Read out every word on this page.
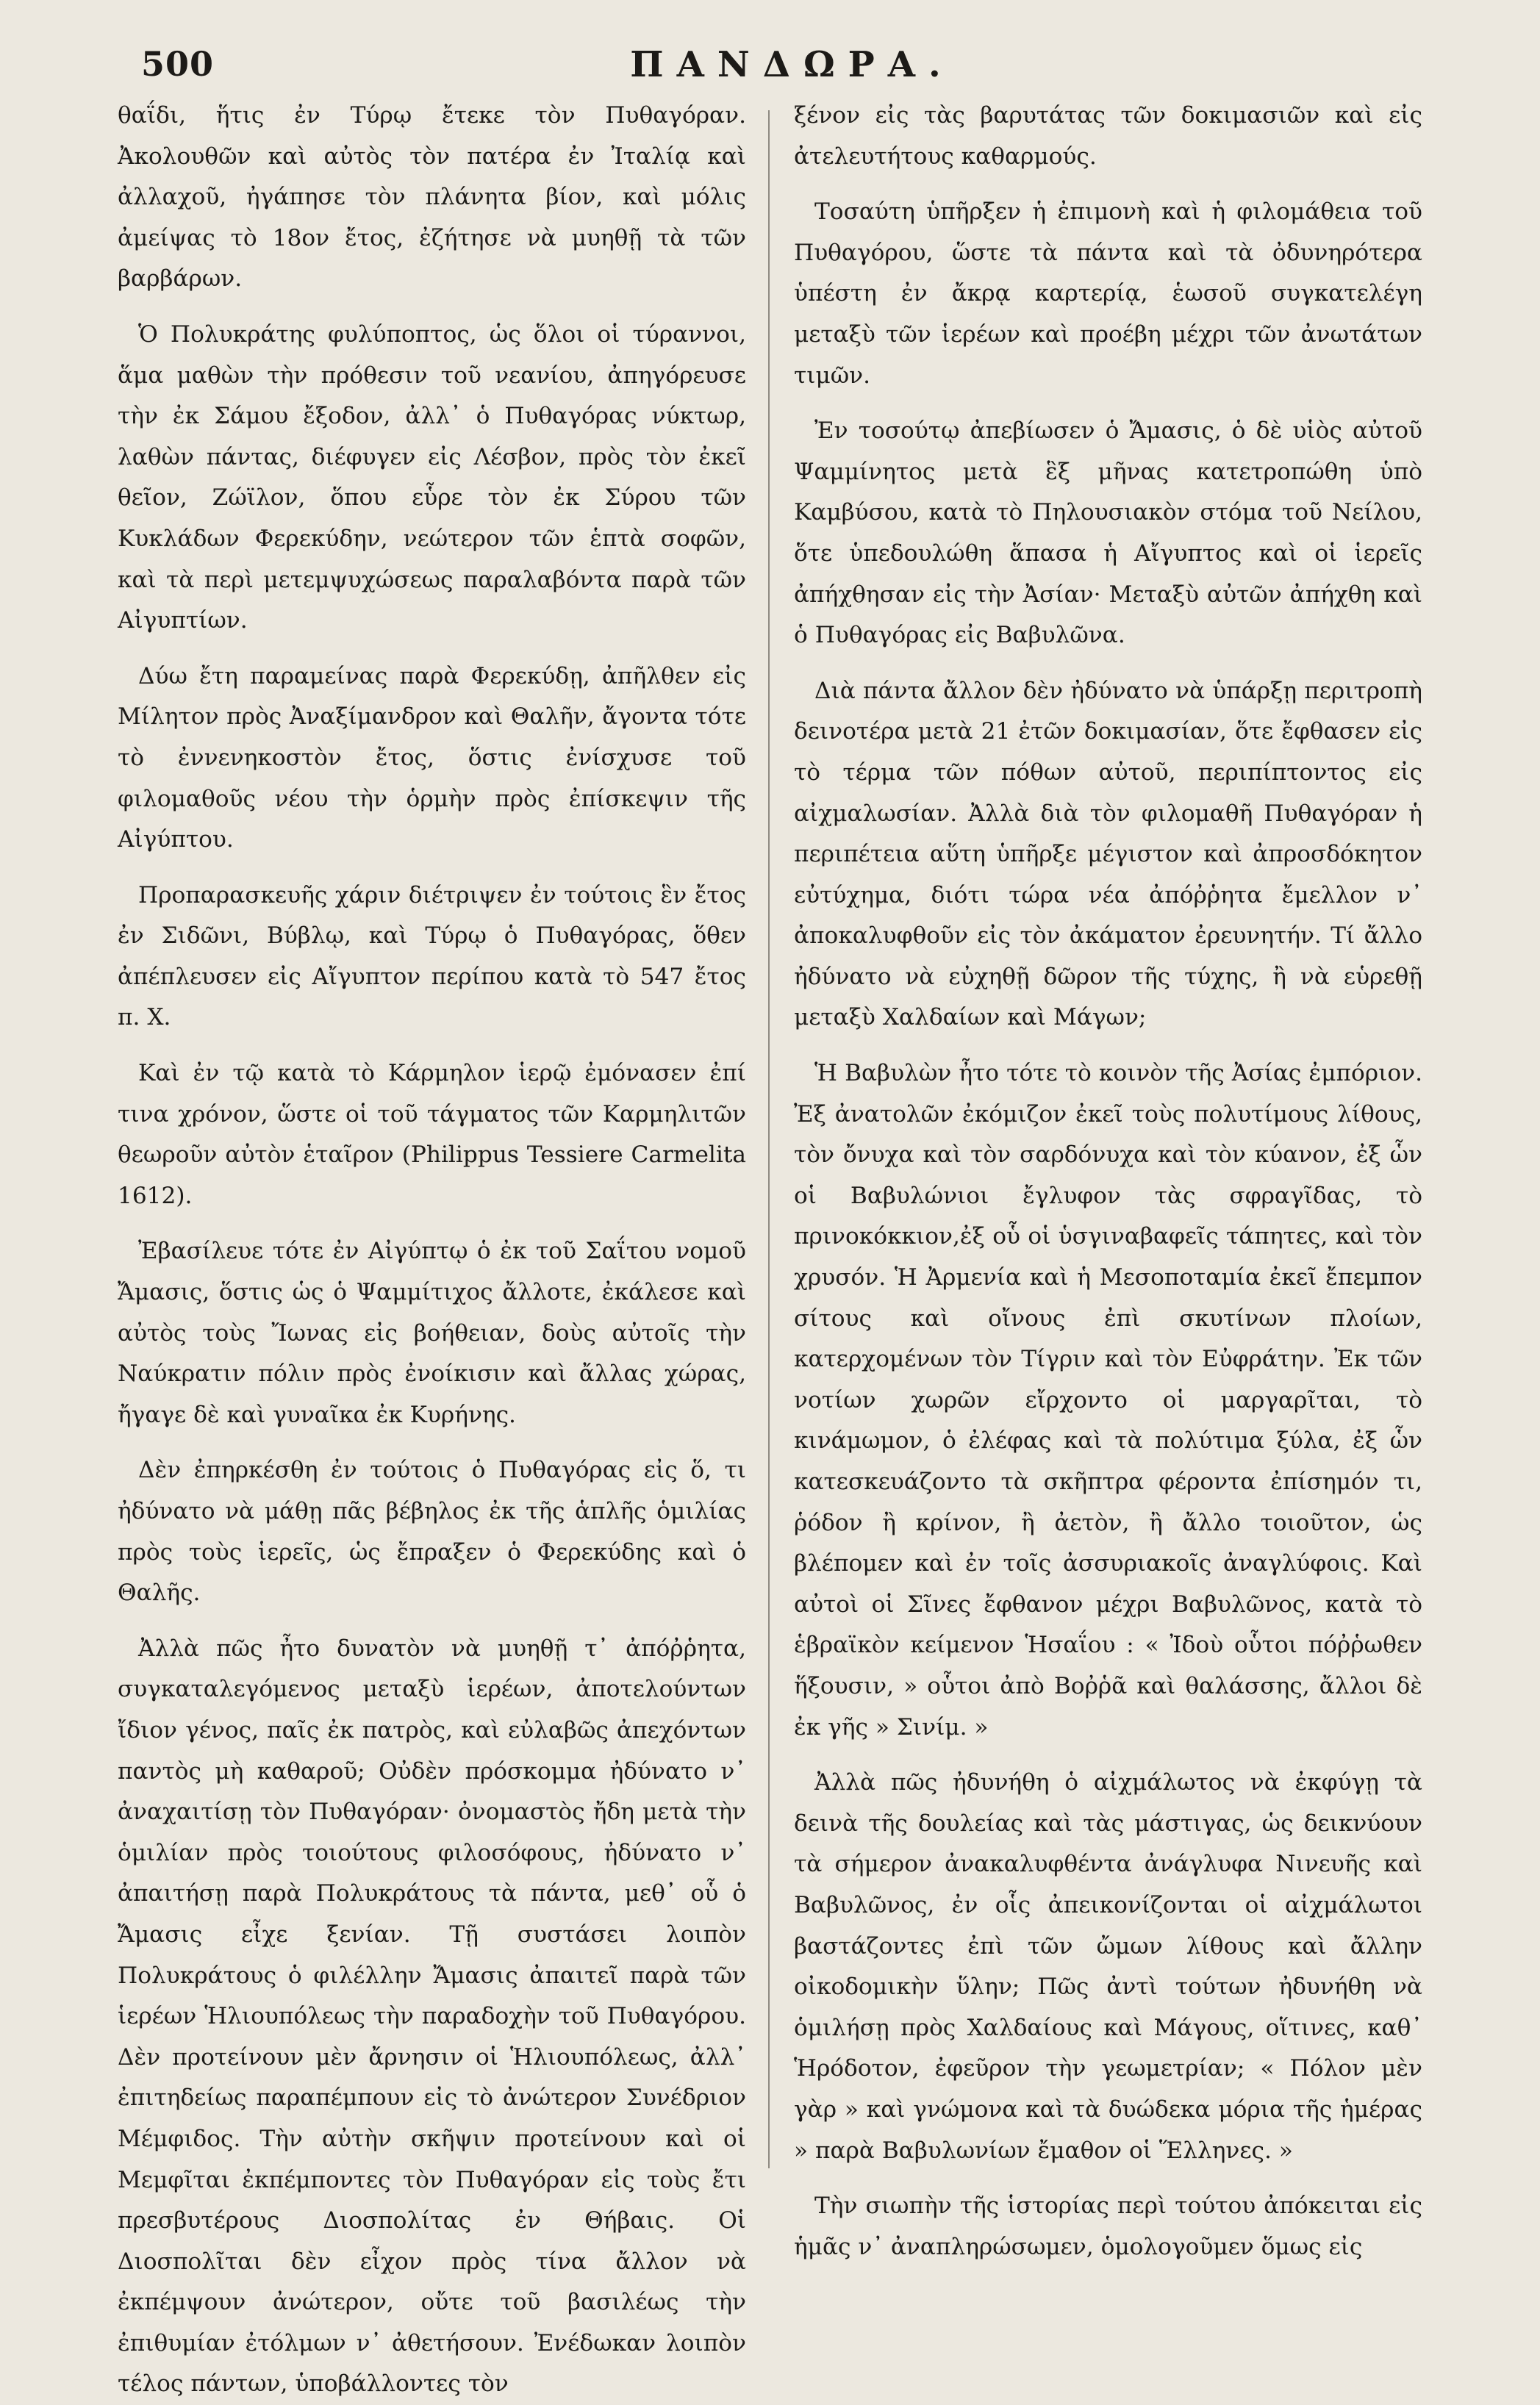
500	ΠΑΝΔΩΡΑ.

θαΐδι, ἥτις ἐν Τύρῳ ἔτεκε τὸν Πυθαγόραν. Ἀκολουθῶν καὶ αὐτὸς τὸν πατέρα ἐν Ἰταλίᾳ καὶ ἀλλαχοῦ, ἠγάπησε τὸν πλάνητα βίον, καὶ μόλις ἀμείψας τὸ 18ον ἔτος, ἐζήτησε νὰ μυηθῇ τὰ τῶν βαρβάρων.

Ὁ Πολυκράτης φυλύποπτος, ὡς ὅλοι οἱ τύραννοι, ἅμα μαθὼν τὴν πρόθεσιν τοῦ νεανίου, ἀπηγόρευσε τὴν ἐκ Σάμου ἔξοδον, ἀλλ᾽ ὁ Πυθαγόρας νύκτωρ, λαθὼν πάντας, διέφυγεν εἰς Λέσβον, πρὸς τὸν ἐκεῖ θεῖον, Ζώϊλον, ὅπου εὗρε τὸν ἐκ Σύρου τῶν Κυκλάδων Φερεκύδην, νεώτερον τῶν ἑπτὰ σοφῶν, καὶ τὰ περὶ μετεμψυχώσεως παραλαβόντα παρὰ τῶν Αἰγυπτίων.

Δύω ἔτη παραμείνας παρὰ Φερεκύδῃ, ἀπῆλθεν εἰς Μίλητον πρὸς Ἀναξίμανδρον καὶ Θαλῆν, ἄγοντα τότε τὸ ἐννενηκοστὸν ἔτος, ὅστις ἐνίσχυσε τοῦ φιλομαθοῦς νέου τὴν ὁρμὴν πρὸς ἐπίσκεψιν τῆς Αἰγύπτου.

Προπαρασκευῆς χάριν διέτριψεν ἐν τούτοις ἓν ἔτος ἐν Σιδῶνι, Βύβλῳ, καὶ Τύρῳ ὁ Πυθαγόρας, ὅθεν ἀπέπλευσεν εἰς Αἴγυπτον περίπου κατὰ τὸ 547 ἔτος π. Χ.

Καὶ ἐν τῷ κατὰ τὸ Κάρμηλον ἱερῷ ἐμόνασεν ἐπί τινα χρόνον, ὥστε οἱ τοῦ τάγματος τῶν Καρμηλιτῶν θεωροῦν αὐτὸν ἑταῖρον (Philippus Tessiere Carmelita 1612).

Ἐβασίλευε τότε ἐν Αἰγύπτῳ ὁ ἐκ τοῦ Σαΐτου νομοῦ Ἄμασις, ὅστις ὡς ὁ Ψαμμίτιχος ἄλλοτε, ἐκάλεσε καὶ αὐτὸς τοὺς Ἴωνας εἰς βοήθειαν, δοὺς αὐτοῖς τὴν Ναύκρατιν πόλιν πρὸς ἐνοίκισιν καὶ ἄλλας χώρας, ἤγαγε δὲ καὶ γυναῖκα ἐκ Κυρήνης.

Δὲν ἐπηρκέσθη ἐν τούτοις ὁ Πυθαγόρας εἰς ὅ, τι ἠδύνατο νὰ μάθῃ πᾶς βέβηλος ἐκ τῆς ἁπλῆς ὁμιλίας πρὸς τοὺς ἱερεῖς, ὡς ἔπραξεν ὁ Φερεκύδης καὶ ὁ Θαλῆς.

Ἀλλὰ πῶς ἦτο δυνατὸν νὰ μυηθῇ τ᾽ ἀπόῤῥητα, συγκαταλεγόμενος μεταξὺ ἱερέων, ἀποτελούντων ἴδιον γένος, παῖς ἐκ πατρὸς, καὶ εὐλαβῶς ἀπεχόντων παντὸς μὴ καθαροῦ; Οὐδὲν πρόσκομμα ἠδύνατο ν᾽ ἀναχαιτίσῃ τὸν Πυθαγόραν· ὀνομαστὸς ἤδη μετὰ τὴν ὁμιλίαν πρὸς τοιούτους φιλοσόφους, ἠδύνατο ν᾽ ἀπαιτήσῃ παρὰ Πολυκράτους τὰ πάντα, μεθ᾽ οὗ ὁ Ἄμασις εἶχε ξενίαν. Τῇ συστάσει λοιπὸν Πολυκράτους ὁ φιλέλλην Ἄμασις ἀπαιτεῖ παρὰ τῶν ἱερέων Ἡλιουπόλεως τὴν παραδοχὴν τοῦ Πυθαγόρου. Δὲν προτείνουν μὲν ἄρνησιν οἱ Ἡλιουπόλεως, ἀλλ᾽ ἐπιτηδείως παραπέμπουν εἰς τὸ ἀνώτερον Συνέδριον Μέμφιδος. Τὴν αὐτὴν σκῆψιν προτείνουν καὶ οἱ Μεμφῖται ἐκπέμποντες τὸν Πυθαγόραν εἰς τοὺς ἔτι πρεσβυτέρους Διοσπολίτας ἐν Θήβαις. Οἱ Διοσπολῖται δὲν εἶχον πρὸς τίνα ἄλλον νὰ ἐκπέμψουν ἀνώτερον, οὔτε τοῦ βασιλέως τὴν ἐπιθυμίαν ἐτόλμων ν᾽ ἀθετήσουν. Ἐνέδωκαν λοιπὸν τέλος πάντων, ὑποβάλλοντες τὸν

ξένον εἰς τὰς βαρυτάτας τῶν δοκιμασιῶν καὶ εἰς ἀτελευτήτους καθαρμούς.

Τοσαύτη ὑπῆρξεν ἡ ἐπιμονὴ καὶ ἡ φιλομάθεια τοῦ Πυθαγόρου, ὥστε τὰ πάντα καὶ τὰ ὀδυνηρότερα ὑπέστη ἐν ἄκρᾳ καρτερίᾳ, ἑωσοῦ συγκατελέγη μεταξὺ τῶν ἱερέων καὶ προέβη μέχρι τῶν ἀνωτάτων τιμῶν.

Ἐν τοσούτῳ ἀπεβίωσεν ὁ Ἄμασις, ὁ δὲ υἱὸς αὐτοῦ Ψαμμίνητος μετὰ ἓξ μῆνας κατετροπώθη ὑπὸ Καμβύσου, κατὰ τὸ Πηλουσιακὸν στόμα τοῦ Νείλου, ὅτε ὑπεδουλώθη ἅπασα ἡ Αἴγυπτος καὶ οἱ ἱερεῖς ἀπήχθησαν εἰς τὴν Ἀσίαν· Μεταξὺ αὐτῶν ἀπήχθη καὶ ὁ Πυθαγόρας εἰς Βαβυλῶνα.

Διὰ πάντα ἄλλον δὲν ἠδύνατο νὰ ὑπάρξῃ περιτροπὴ δεινοτέρα μετὰ 21 ἐτῶν δοκιμασίαν, ὅτε ἔφθασεν εἰς τὸ τέρμα τῶν πόθων αὐτοῦ, περιπίπτοντος εἰς αἰχμαλωσίαν. Ἀλλὰ διὰ τὸν φιλομαθῆ Πυθαγόραν ἡ περιπέτεια αὕτη ὑπῆρξε μέγιστον καὶ ἀπροσδόκητον εὐτύχημα, διότι τώρα νέα ἀπόῤῥητα ἔμελλον ν᾽ ἀποκαλυφθοῦν εἰς τὸν ἀκάματον ἐρευνητήν. Τί ἄλλο ἠδύνατο νὰ εὐχηθῇ δῶρον τῆς τύχης, ἢ νὰ εὑρεθῇ μεταξὺ Χαλδαίων καὶ Μάγων;

Ἡ Βαβυλὼν ἦτο τότε τὸ κοινὸν τῆς Ἀσίας ἐμπόριον. Ἐξ ἀνατολῶν ἐκόμιζον ἐκεῖ τοὺς πολυτίμους λίθους, τὸν ὄνυχα καὶ τὸν σαρδόνυχα καὶ τὸν κύανον, ἐξ ὧν οἱ Βαβυλώνιοι ἔγλυφον τὰς σφραγῖδας, τὸ πρινοκόκκιον,ἐξ οὗ οἱ ὑσγιναβαφεῖς τάπητες, καὶ τὸν χρυσόν. Ἡ Ἀρμενία καὶ ἡ Μεσοποταμία ἐκεῖ ἔπεμπον σίτους καὶ οἴνους ἐπὶ σκυτίνων πλοίων, κατερχομένων τὸν Τίγριν καὶ τὸν Εὐφράτην. Ἐκ τῶν νοτίων χωρῶν εἴρχοντο οἱ μαργαρῖται, τὸ κινάμωμον, ὁ ἐλέφας καὶ τὰ πολύτιμα ξύλα, ἐξ ὧν κατεσκευάζοντο τὰ σκῆπτρα φέροντα ἐπίσημόν τι, ῥόδον ἢ κρίνον, ἢ ἀετὸν, ἢ ἄλλο τοιοῦτον, ὡς βλέπομεν καὶ ἐν τοῖς ἀσσυριακοῖς ἀναγλύφοις. Καὶ αὐτοὶ οἱ Σῖνες ἔφθανον μέχρι Βαβυλῶνος, κατὰ τὸ ἑβραϊκὸν κείμενον Ἡσαΐου : « Ἰδοὺ οὗτοι πόῤῥωθεν ἥξουσιν, » οὗτοι ἀπὸ Βοῤῥᾶ καὶ θαλάσσης, ἄλλοι δὲ ἐκ γῆς » Σινίμ. »

Ἀλλὰ πῶς ἠδυνήθη ὁ αἰχμάλωτος νὰ ἐκφύγῃ τὰ δεινὰ τῆς δουλείας καὶ τὰς μάστιγας, ὡς δεικνύουν τὰ σήμερον ἀνακαλυφθέντα ἀνάγλυφα Νινευῆς καὶ Βαβυλῶνος, ἐν οἷς ἀπεικονίζονται οἱ αἰχμάλωτοι βαστάζοντες ἐπὶ τῶν ὤμων λίθους καὶ ἄλλην οἰκοδομικὴν ὕλην; Πῶς ἀντὶ τούτων ἠδυνήθη νὰ ὁμιλήσῃ πρὸς Χαλδαίους καὶ Μάγους, οἵτινες, καθ᾽ Ἡρόδοτον, ἐφεῦρον τὴν γεωμετρίαν; « Πόλον μὲν γὰρ » καὶ γνώμονα καὶ τὰ δυώδεκα μόρια τῆς ἡμέρας » παρὰ Βαβυλωνίων ἔμαθον οἱ Ἕλληνες. »

Τὴν σιωπὴν τῆς ἱστορίας περὶ τούτου ἀπόκειται εἰς ἡμᾶς ν᾽ ἀναπληρώσωμεν, ὁμολογοῦμεν ὅμως εἰς
